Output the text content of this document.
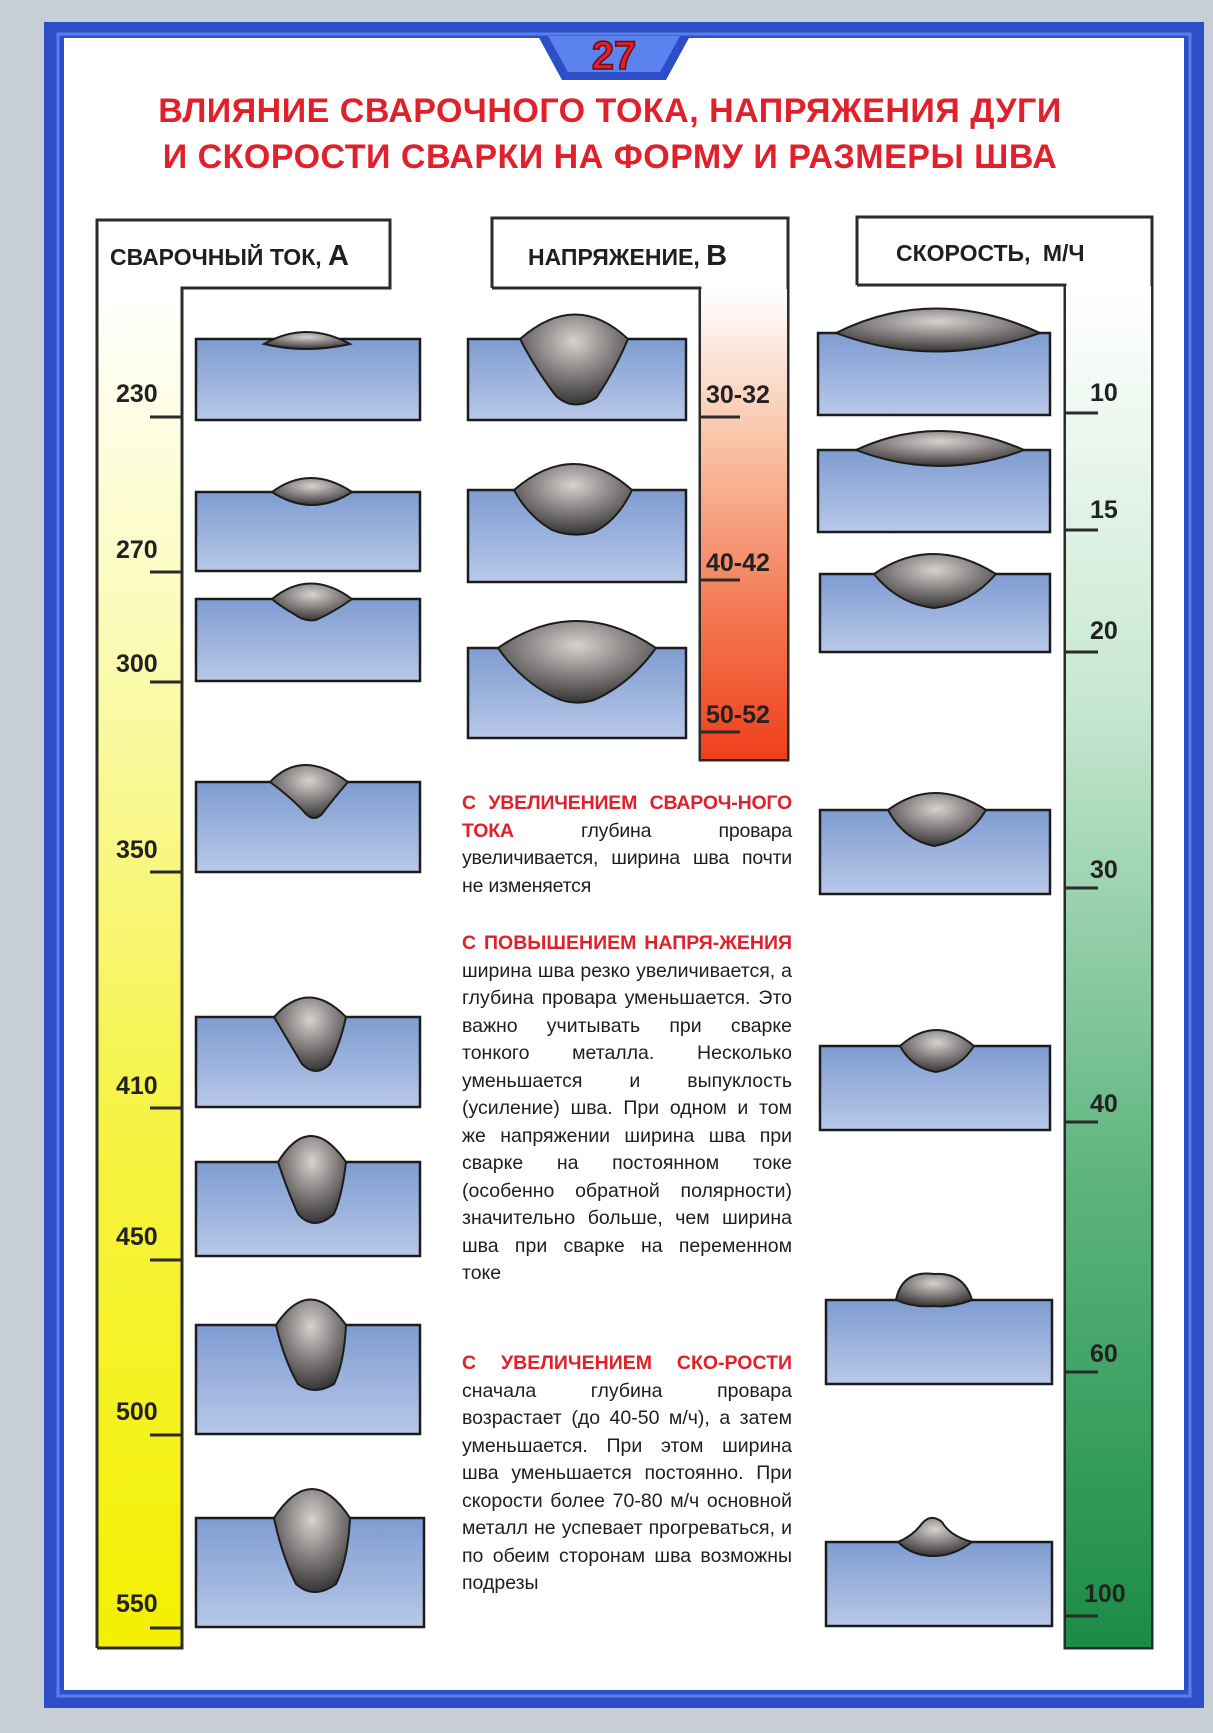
27
ВЛИЯНИЕ СВАРОЧНОГО ТОКА, НАПРЯЖЕНИЯ ДУГИ
И СКОРОСТИ СВАРКИ НА ФОРМУ И РАЗМЕРЫ ШВА
СВАРОЧНЫЙ ТОК, А	НАПРЯЖЕНИЕ, В	СКОРОСТЬ, М/Ч
230
270
300
350
410
450
500
550
30-32
40-42
50-52
10
15
20
30
40
60
100
С УВЕЛИЧЕНИЕМ СВАРОЧ-НОГО ТОКА	глубина провара увеличивается, ширина шва почти не изменяется
С ПОВЫШЕНИЕМ НАПРЯ-ЖЕНИЯ ширина шва резко увеличивается, а глубина провара уменьшается. Это важно учитывать при сварке тонкого металла. Несколько уменьшается и выпуклость (усиление) шва. При одном и том же напряжении ширина шва при сварке на постоянном токе (особенно обратной полярности) значительно больше, чем ширина шва при сварке на переменном токе
С УВЕЛИЧЕНИЕМ СКО-РОСТИ сначала глубина провара возрастает (до 40-50 м/ч), а затем уменьшается. При этом ширина шва уменьшается постоянно. При скорости более 70-80 м/ч основной металл не успевает прогреваться, и по обеим сторонам шва возможны подрезы
